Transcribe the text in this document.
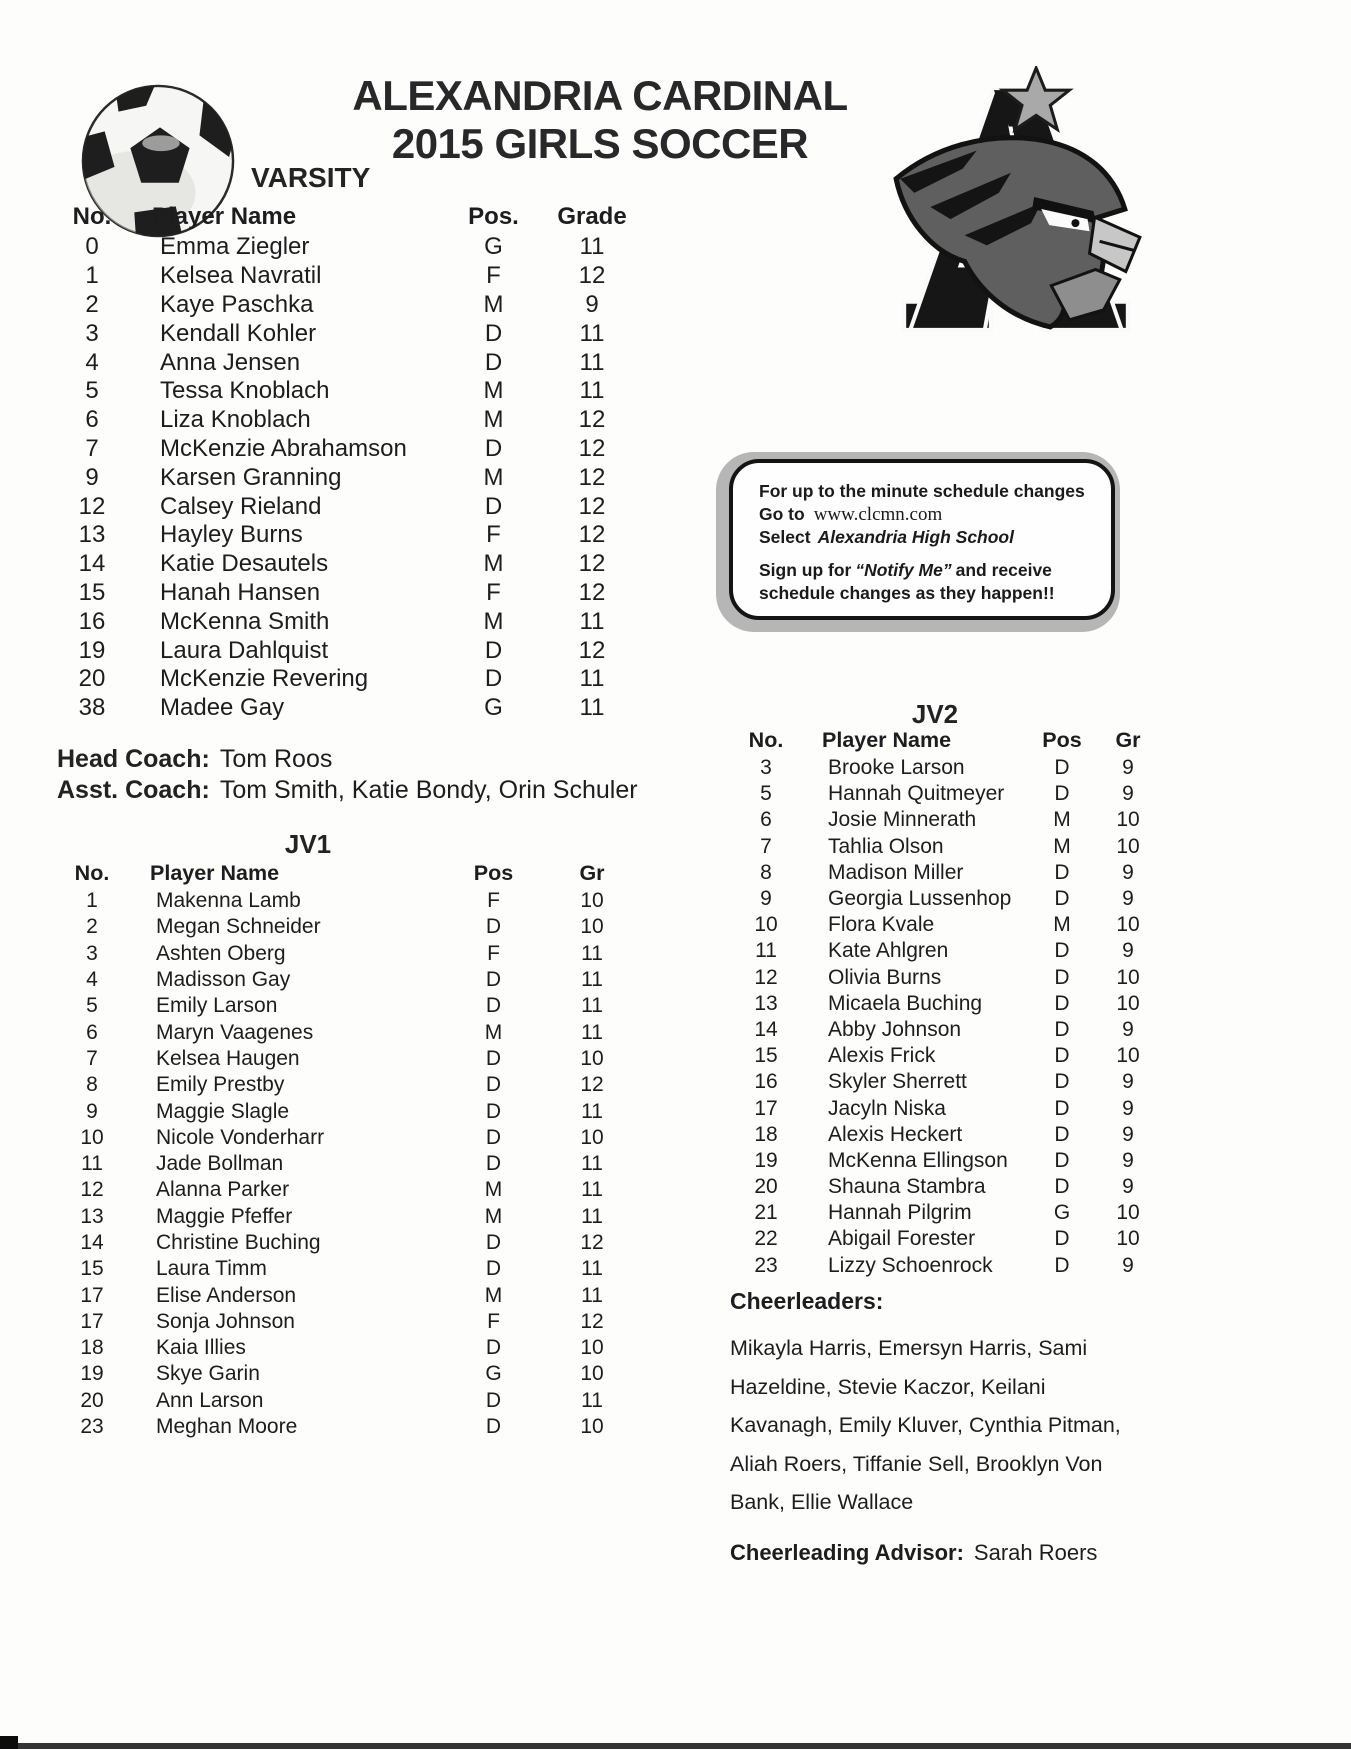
ALEXANDRIA CARDINAL
2015 GIRLS SOCCER
VARSITY
No.	Player Name	Pos.	Grade
0	Emma Ziegler	G	11
1	Kelsea Navratil	F	12
2	Kaye Paschka	M	9
3	Kendall Kohler	D	11
4	Anna Jensen	D	11
5	Tessa Knoblach	M	11
6	Liza Knoblach	M	12
7	McKenzie Abrahamson	D	12
9	Karsen Granning	M	12
12	Calsey Rieland	D	12
13	Hayley Burns	F	12
14	Katie Desautels	M	12
15	Hanah Hansen	F	12
16	McKenna Smith	M	11
19	Laura Dahlquist	D	12
20	McKenzie Revering	D	11
38	Madee Gay	G	11
Head Coach: Tom Roos
Asst. Coach: Tom Smith, Katie Bondy, Orin Schuler
For up to the minute schedule changes
Go to www.clcmn.com
Select Alexandria High School
Sign up for “Notify Me” and receive schedule changes as they happen!!
JV2
No.	Player Name	Pos	Gr
3	Brooke Larson	D	9
5	Hannah Quitmeyer	D	9
6	Josie Minnerath	M	10
7	Tahlia Olson	M	10
8	Madison Miller	D	9
9	Georgia Lussenhop	D	9
10	Flora Kvale	M	10
11	Kate Ahlgren	D	9
12	Olivia Burns	D	10
13	Micaela Buching	D	10
14	Abby Johnson	D	9
15	Alexis Frick	D	10
16	Skyler Sherrett	D	9
17	Jacyln Niska	D	9
18	Alexis Heckert	D	9
19	McKenna Ellingson	D	9
20	Shauna Stambra	D	9
21	Hannah Pilgrim	G	10
22	Abigail Forester	D	10
23	Lizzy Schoenrock	D	9
JV1
No.	Player Name	Pos	Gr
1	Makenna Lamb	F	10
2	Megan Schneider	D	10
3	Ashten Oberg	F	11
4	Madisson Gay	D	11
5	Emily Larson	D	11
6	Maryn Vaagenes	M	11
7	Kelsea Haugen	D	10
8	Emily Prestby	D	12
9	Maggie Slagle	D	11
10	Nicole Vonderharr	D	10
11	Jade Bollman	D	11
12	Alanna Parker	M	11
13	Maggie Pfeffer	M	11
14	Christine Buching	D	12
15	Laura Timm	D	11
17	Elise Anderson	M	11
17	Sonja Johnson	F	12
18	Kaia Illies	D	10
19	Skye Garin	G	10
20	Ann Larson	D	11
23	Meghan Moore	D	10
Cheerleaders:
Mikayla Harris, Emersyn Harris, Sami Hazeldine, Stevie Kaczor, Keilani Kavanagh, Emily Kluver, Cynthia Pitman, Aliah Roers, Tiffanie Sell, Brooklyn Von Bank, Ellie Wallace
Cheerleading Advisor: Sarah Roers
